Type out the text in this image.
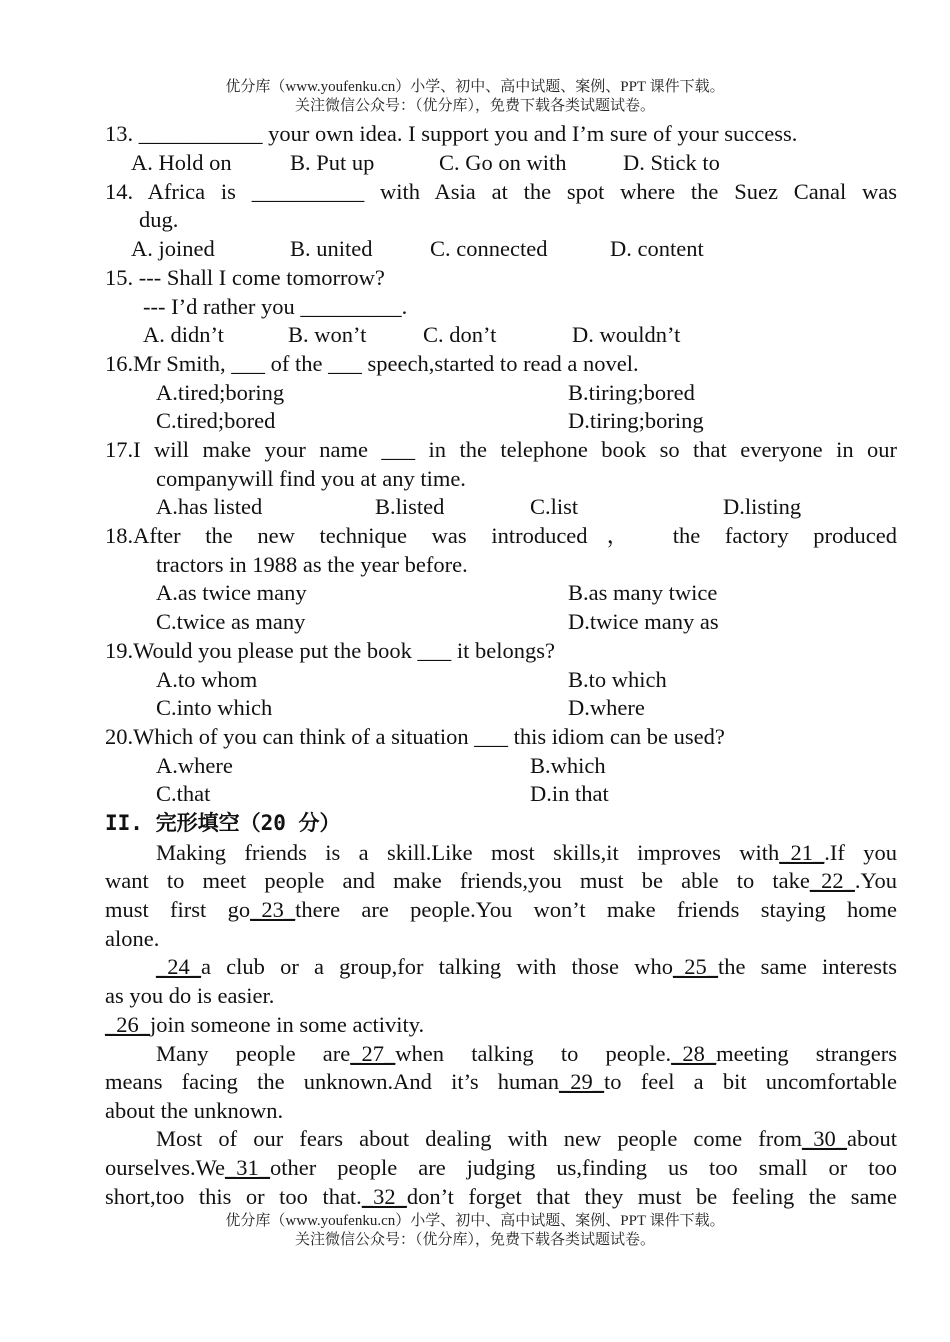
优分库（www.youfenku.cn）小学、初中、高中试题、案例、PPT 课件下载。
关注微信公众号：（优分库），免费下载各类试题试卷。
13. ___________ your own idea. I support you and I’m sure of your success.
A. Hold on	B. Put up	C. Go on with	D. Stick to
14. Africa is __________ with Asia at the spot where the Suez Canal was
dug.
A. joined	B. united	C. connected	D. content
15. --- Shall I come tomorrow?
--- I’d rather you _________.
A. didn’t	B. won’t	C. don’t	D. wouldn’t
16.Mr Smith, ___ of the ___ speech,started to read a novel.
A.tired;boring	B.tiring;bored
C.tired;bored	D.tiring;boring
17.I will make your name ___ in the telephone book so that everyone in our
companywill find you at any time.
A.has listed	B.listed	C.list	D.listing
18.After the new technique was introduced， the factory produced
tractors in 1988 as the year before.
A.as twice many	B.as many twice
C.twice as many	D.twice many as
19.Would you please put the book ___ it belongs?
A.to whom	B.to which
C.into which	D.where
20.Which of you can think of a situation ___ this idiom can be used?
A.where	B.which
C.that	D.in that
II. 完形填空（20 分）
Making friends is a skill.Like most skills,it improves with_21_.If you
want to meet people and make friends,you must be able to take_22_.You
must first go_23_there are people.You won’t make friends staying home
alone.
_24_a club or a group,for talking with those who_25_the same interests
as you do is easier.
_26_join someone in some activity.
Many people are_27_when talking to people._28_meeting strangers
means facing the unknown.And it’s human_29_to feel a bit uncomfortable
about the unknown.
Most of our fears about dealing with new people come from_30_about
ourselves.We_31_other people are judging us,finding us too small or too
short,too this or too that._32_don’t forget that they must be feeling the same
优分库（www.youfenku.cn）小学、初中、高中试题、案例、PPT 课件下载。
关注微信公众号：（优分库），免费下载各类试题试卷。
